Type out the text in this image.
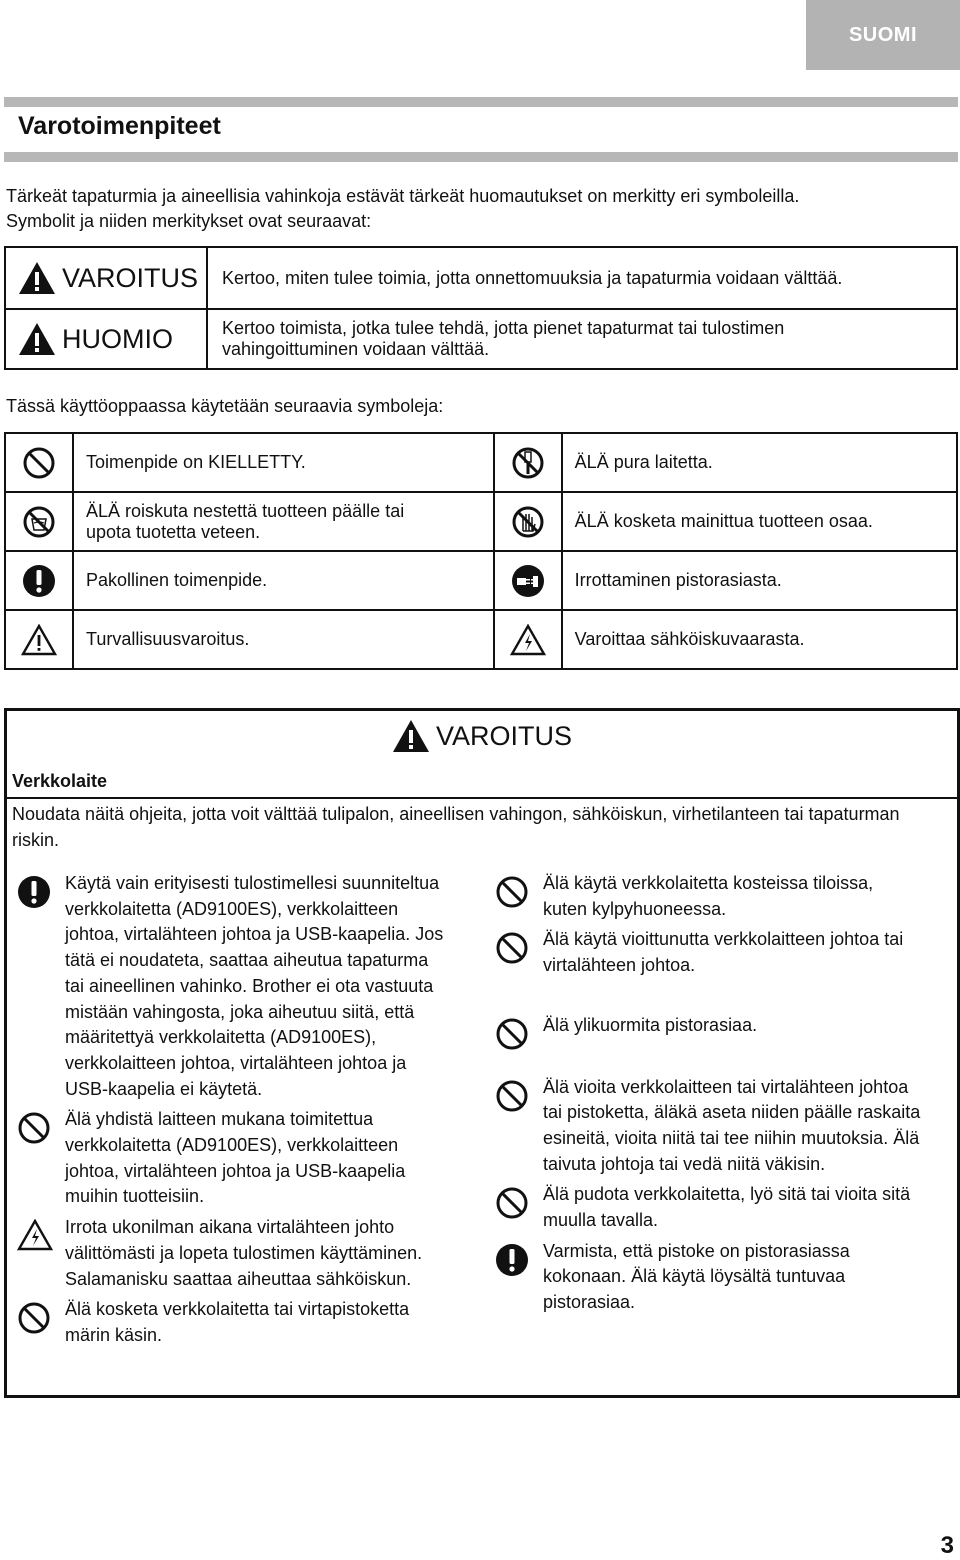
SUOMI
Varotoimenpiteet
Tärkeät tapaturmia ja aineellisia vahinkoja estävät tärkeät huomautukset on merkitty eri symboleilla.
Symbolit ja niiden merkitykset ovat seuraavat:
VAROITUS	Kertoo, miten tulee toimia, jotta onnettomuuksia ja tapaturmia voidaan välttää.

HUOMIO	Kertoo toimista, jotka tulee tehdä, jotta pienet tapaturmat tai tulostimen
vahingoittuminen voidaan välttää.
Tässä käyttöoppaassa käytetään seuraavia symboleja:

Toimenpide on KIELLETTY.		ÄLÄ pura laitetta.

ÄLÄ roiskuta nestettä tuotteen päälle tai
upota tuotetta veteen.		ÄLÄ kosketa mainittua tuotteen osaa.

Pakollinen toimenpide.		Irrottaminen pistorasiasta.

Turvallisuusvaroitus.		Varoittaa sähköiskuvaarasta.
VAROITUS
Verkkolaite
Noudata näitä ohjeita, jotta voit välttää tulipalon, aineellisen vahingon, sähköiskun, virhetilanteen tai tapaturman riskin.
Käytä vain erityisesti tulostimellesi suunniteltua
verkkolaitetta (AD9100ES), verkkolaitteen
johtoa, virtalähteen johtoa ja USB-kaapelia. Jos
tätä ei noudateta, saattaa aiheutua tapaturma
tai aineellinen vahinko. Brother ei ota vastuuta
mistään vahingosta, joka aiheutuu siitä, että
määritettyä verkkolaitetta (AD9100ES),
verkkolaitteen johtoa, virtalähteen johtoa ja
USB-kaapelia ei käytetä.
Älä yhdistä laitteen mukana toimitettua
verkkolaitetta (AD9100ES), verkkolaitteen
johtoa, virtalähteen johtoa ja USB-kaapelia
muihin tuotteisiin.
Irrota ukonilman aikana virtalähteen johto
välittömästi ja lopeta tulostimen käyttäminen.
Salamanisku saattaa aiheuttaa sähköiskun.
Älä kosketa verkkolaitetta tai virtapistoketta
märin käsin.
Älä käytä verkkolaitetta kosteissa tiloissa,
kuten kylpyhuoneessa.
Älä käytä vioittunutta verkkolaitteen johtoa tai
virtalähteen johtoa.
Älä ylikuormita pistorasiaa.
Älä vioita verkkolaitteen tai virtalähteen johtoa
tai pistoketta, äläkä aseta niiden päälle raskaita
esineitä, vioita niitä tai tee niihin muutoksia. Älä
taivuta johtoja tai vedä niitä väkisin.
Älä pudota verkkolaitetta, lyö sitä tai vioita sitä
muulla tavalla.
Varmista, että pistoke on pistorasiassa
kokonaan. Älä käytä löysältä tuntuvaa
pistorasiaa.
3
